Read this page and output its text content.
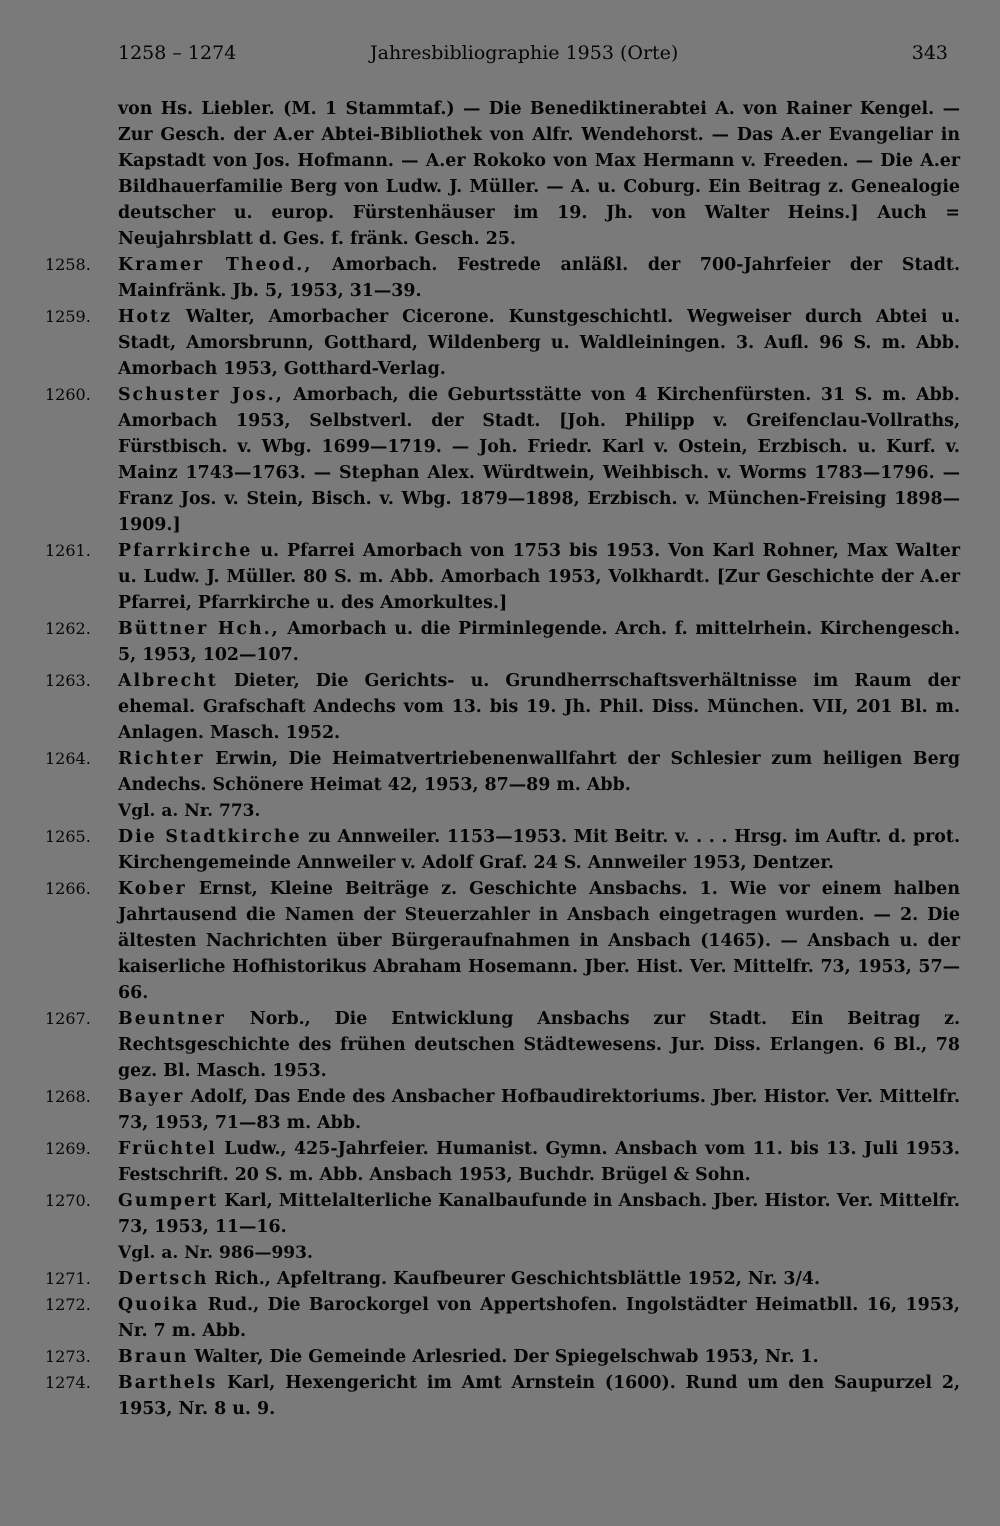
1258 – 1274	Jahresbibliographie 1953 (Orte)	343
von Hs. Liebler. (M. 1 Stammtaf.) — Die Benediktinerabtei A. von Rainer Kengel. — Zur Gesch. der A.er Abtei-Bibliothek von Alfr. Wendehorst. — Das A.er Evangeliar in Kapstadt von Jos. Hofmann. — A.er Rokoko von Max Hermann v. Freeden. — Die A.er Bildhauerfamilie Berg von Ludw. J. Müller. — A. u. Coburg. Ein Beitrag z. Genealogie deutscher u. europ. Fürstenhäuser im 19. Jh. von Walter Heins.] Auch = Neujahrsblatt d. Ges. f. fränk. Gesch. 25.
1258.	Kramer Theod., Amorbach. Festrede anläßl. der 700-Jahrfeier der Stadt. Mainfränk. Jb. 5, 1953, 31—39.
1259.	Hotz Walter, Amorbacher Cicerone. Kunstgeschichtl. Wegweiser durch Abtei u. Stadt, Amorsbrunn, Gotthard, Wildenberg u. Waldleiningen. 3. Aufl. 96 S. m. Abb. Amorbach 1953, Gotthard-Verlag.
1260.	Schuster Jos., Amorbach, die Geburtsstätte von 4 Kirchenfürsten. 31 S. m. Abb. Amorbach 1953, Selbstverl. der Stadt. [Joh. Philipp v. Greifenclau-Vollraths, Fürstbisch. v. Wbg. 1699—1719. — Joh. Friedr. Karl v. Ostein, Erzbisch. u. Kurf. v. Mainz 1743—1763. — Stephan Alex. Würdtwein, Weihbisch. v. Worms 1783—1796. — Franz Jos. v. Stein, Bisch. v. Wbg. 1879—1898, Erzbisch. v. München-Freising 1898—1909.]
1261.	Pfarrkirche u. Pfarrei Amorbach von 1753 bis 1953. Von Karl Rohner, Max Walter u. Ludw. J. Müller. 80 S. m. Abb. Amorbach 1953, Volkhardt. [Zur Geschichte der A.er Pfarrei, Pfarrkirche u. des Amorkultes.]
1262.	Büttner Hch., Amorbach u. die Pirminlegende. Arch. f. mittelrhein. Kirchengesch. 5, 1953, 102—107.
1263.	Albrecht Dieter, Die Gerichts- u. Grundherrschaftsverhältnisse im Raum der ehemal. Grafschaft Andechs vom 13. bis 19. Jh. Phil. Diss. München. VII, 201 Bl. m. Anlagen. Masch. 1952.
1264.	Richter Erwin, Die Heimatvertriebenenwallfahrt der Schlesier zum heiligen Berg Andechs. Schönere Heimat 42, 1953, 87—89 m. Abb.
Vgl. a. Nr. 773.
1265.	Die Stadtkirche zu Annweiler. 1153—1953. Mit Beitr. v. . . . Hrsg. im Auftr. d. prot. Kirchengemeinde Annweiler v. Adolf Graf. 24 S. Annweiler 1953, Dentzer.
1266.	Kober Ernst, Kleine Beiträge z. Geschichte Ansbachs. 1. Wie vor einem halben Jahrtausend die Namen der Steuerzahler in Ansbach eingetragen wurden. — 2. Die ältesten Nachrichten über Bürgeraufnahmen in Ansbach (1465). — Ansbach u. der kaiserliche Hofhistorikus Abraham Hosemann. Jber. Hist. Ver. Mittelfr. 73, 1953, 57—66.
1267.	Beuntner Norb., Die Entwicklung Ansbachs zur Stadt. Ein Beitrag z. Rechtsgeschichte des frühen deutschen Städtewesens. Jur. Diss. Erlangen. 6 Bl., 78 gez. Bl. Masch. 1953.
1268.	Bayer Adolf, Das Ende des Ansbacher Hofbaudirektoriums. Jber. Histor. Ver. Mittelfr. 73, 1953, 71—83 m. Abb.
1269.	Früchtel Ludw., 425-Jahrfeier. Humanist. Gymn. Ansbach vom 11. bis 13. Juli 1953. Festschrift. 20 S. m. Abb. Ansbach 1953, Buchdr. Brügel & Sohn.
1270.	Gumpert Karl, Mittelalterliche Kanalbaufunde in Ansbach. Jber. Histor. Ver. Mittelfr. 73, 1953, 11—16.
Vgl. a. Nr. 986—993.
1271.	Dertsch Rich., Apfeltrang. Kaufbeurer Geschichtsblättle 1952, Nr. 3/4.
1272.	Quoika Rud., Die Barockorgel von Appertshofen. Ingolstädter Heimatbll. 16, 1953, Nr. 7 m. Abb.
1273.	Braun Walter, Die Gemeinde Arlesried. Der Spiegelschwab 1953, Nr. 1.
1274.	Barthels Karl, Hexengericht im Amt Arnstein (1600). Rund um den Saupurzel 2, 1953, Nr. 8 u. 9.
